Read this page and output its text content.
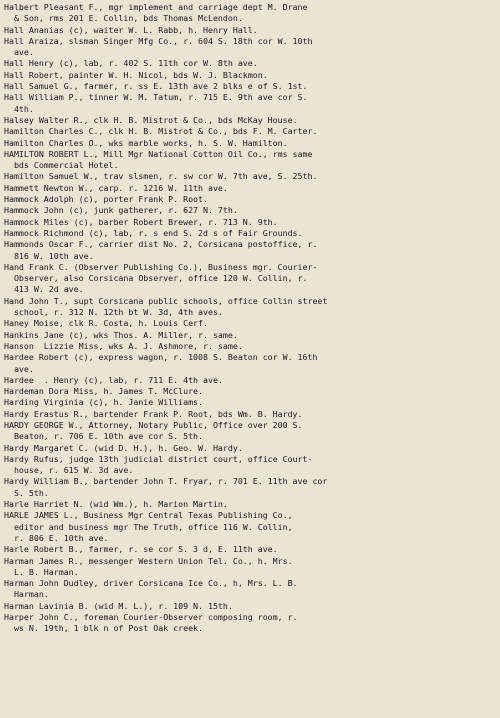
Halbert Pleasant F., mgr implement and carriage dept M. Drane
& Son, rms 201 E. Collin, bds Thomas McLendon.
Hall Ananias (c), waiter W. L. Rabb, h. Henry Hall.
Hall Araiza, slsman Singer Mfg Co., r. 604 S. 18th cor W. 10th
ave.
Hall Henry (c), lab, r. 402 S. 11th cor W. 8th ave.
Hall Robert, painter W. H. Nicol, bds W. J. Blackmon.
Hall Samuel G., farmer, r. ss E. 13th ave 2 blks e of S. 1st.
Hall William P., tinner W. M. Tatum, r. 715 E. 9th ave cor S.
4th.
Halsey Walter R., clk H. B. Mistrot & Co., bds McKay House.
Hamilton Charles C., clk H. B. Mistrot & Co., bds F. M. Carter.
Hamilton Charles O., wks marble works, h. S. W. Hamilton.
HAMILTON ROBERT L., Mill Mgr National Cotton Oil Co., rms same
bds Commercial Hotel.
Hamilton Samuel W., trav slsmen, r. sw cor W. 7th ave, S. 25th.
Hammett Newton W., carp. r. 1216 W. 11th ave.
Hammock Adolph (c), porter Frank P. Root.
Hammock John (c), junk gatherer, r. 627 N. 7th.
Hammock Miles (c), barber Robert Brewer, r. 713 N. 9th.
Hammock Richmond (c), lab, r. s end S. 2d s of Fair Grounds.
Hammonds Oscar F., carrier dist No. 2, Corsicana postoffice, r.
816 W. 10th ave.
Hand Frank C. (Observer Publishing Co.), Business mgr. Courier-
Observer, also Corsicana Observer, office 120 W. Collin, r.
413 W. 2d ave.
Hand John T., supt Corsicana public schools, office Collin street
school, r. 312 N. 12th bt W. 3d, 4th aves.
Haney Moise, clk R. Costa, h. Louis Cerf.
Hankins Jane (c), wks Thos. A. Miller, r. same.
Hanson  Lizzie Miss, wks A. J. Ashmore, r. same.
Hardee Robert (c), express wagon, r. 1008 S. Beaton cor W. 16th
ave.
Hardee  . Henry (c), lab, r. 711 E. 4th ave.
Hardeman Dora Miss, h. James T. McClure.
Harding Virginia (c), h. Janie Williams.
Hardy Erastus R., bartender Frank P. Root, bds Wm. B. Hardy.
HARDY GEORGE W., Attorney, Notary Public, Office over 200 S.
Beaton, r. 706 E. 10th ave cor S. 5th.
Hardy Margaret C. (wid D. H.), h. Geo. W. Hardy.
Hardy Rufus, judge 13th judicial district court, office Court-
house, r. 615 W. 3d ave.
Hardy William B., bartender John T. Fryar, r. 701 E. 11th ave cor
S. 5th.
Harle Harriet N. (wid Wm.), h. Marion Martin.
HARLE JAMES L., Business Mgr Central Texas Publishing Co.,
editor and business mgr The Truth, office 116 W. Collin,
r. 806 E. 10th ave.
Harle Robert B., farmer, r. se cor S. 3 d, E. 11th ave.
Harman James R., messenger Western Union Tel. Co., h. Mrs.
L. B. Harman.
Harman John Dudley, driver Corsicana Ice Co., h, Mrs. L. B.
Harman.
Harman Lavinia B. (wid M. L.), r. 109 N. 15th.
Harper John C., foreman Courier-Observer composing room, r.
ws N. 19th, 1 blk n of Post Oak creek.
